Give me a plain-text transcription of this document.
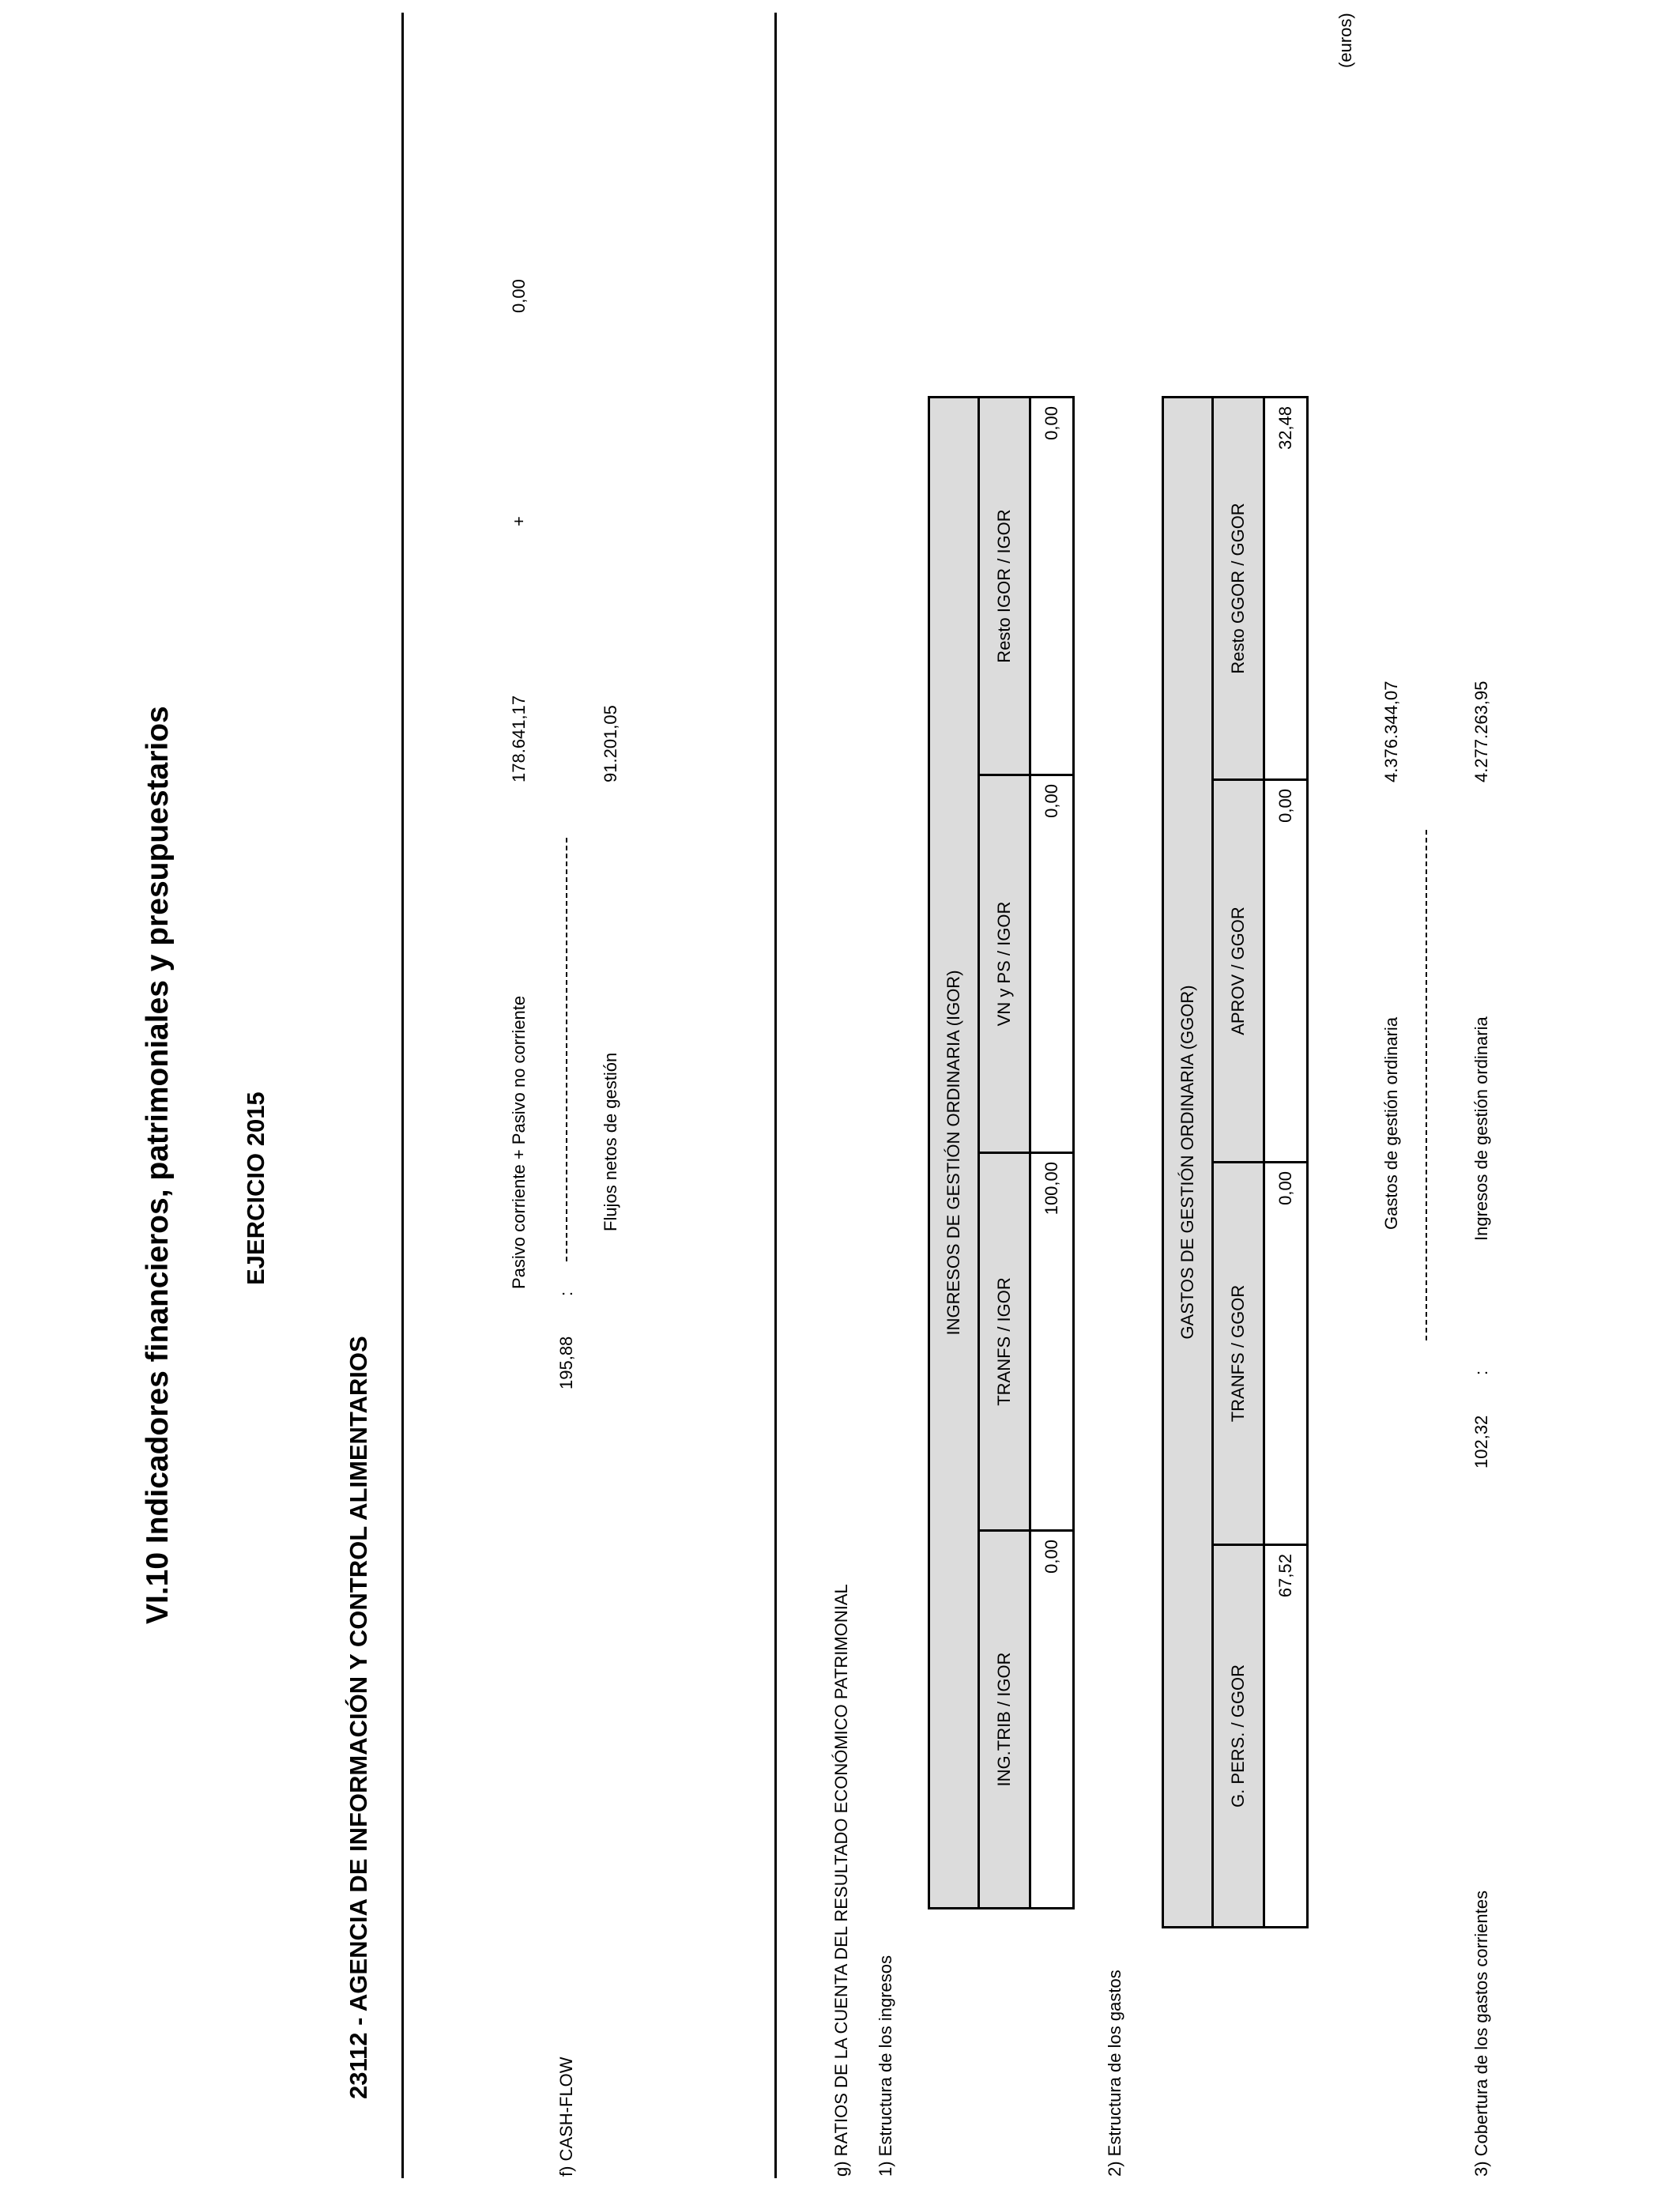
VI.10 Indicadores financieros, patrimoniales y presupuestarios	EJERCICIO 2015
23112 - AGENCIA DE INFORMACIÓN Y CONTROL ALIMENTARIOS
(euros)
f) CASH-FLOW
195,88
:
Pasivo corriente + Pasivo no corriente
178.641,17
+
0,00
Flujos netos de gestión
91.201,05
g) RATIOS DE LA CUENTA DEL RESULTADO ECONÓMICO PATRIMONIAL 1) Estructura de los ingresos
INGRESOS DE GESTIÓN ORDINARIA (IGOR)			
ING.TRIB / IGOR	TRANFS / IGOR	VN y PS / IGOR	Resto IGOR / IGOR

0,00	100,00	0,00	0,00
2) Estructura de los gastos
GASTOS DE GESTIÓN ORDINARIA (GGOR)			
G. PERS. / GGOR	TRANFS / GGOR	APROV / GGOR	Resto GGOR / GGOR

67,52	0,00	0,00	32,48
3) Cobertura de los gastos corrientes
102,32
:
Gastos de gestión ordinaria
4.376.344,07
Ingresos de gestión ordinaria
4.277.263,95
